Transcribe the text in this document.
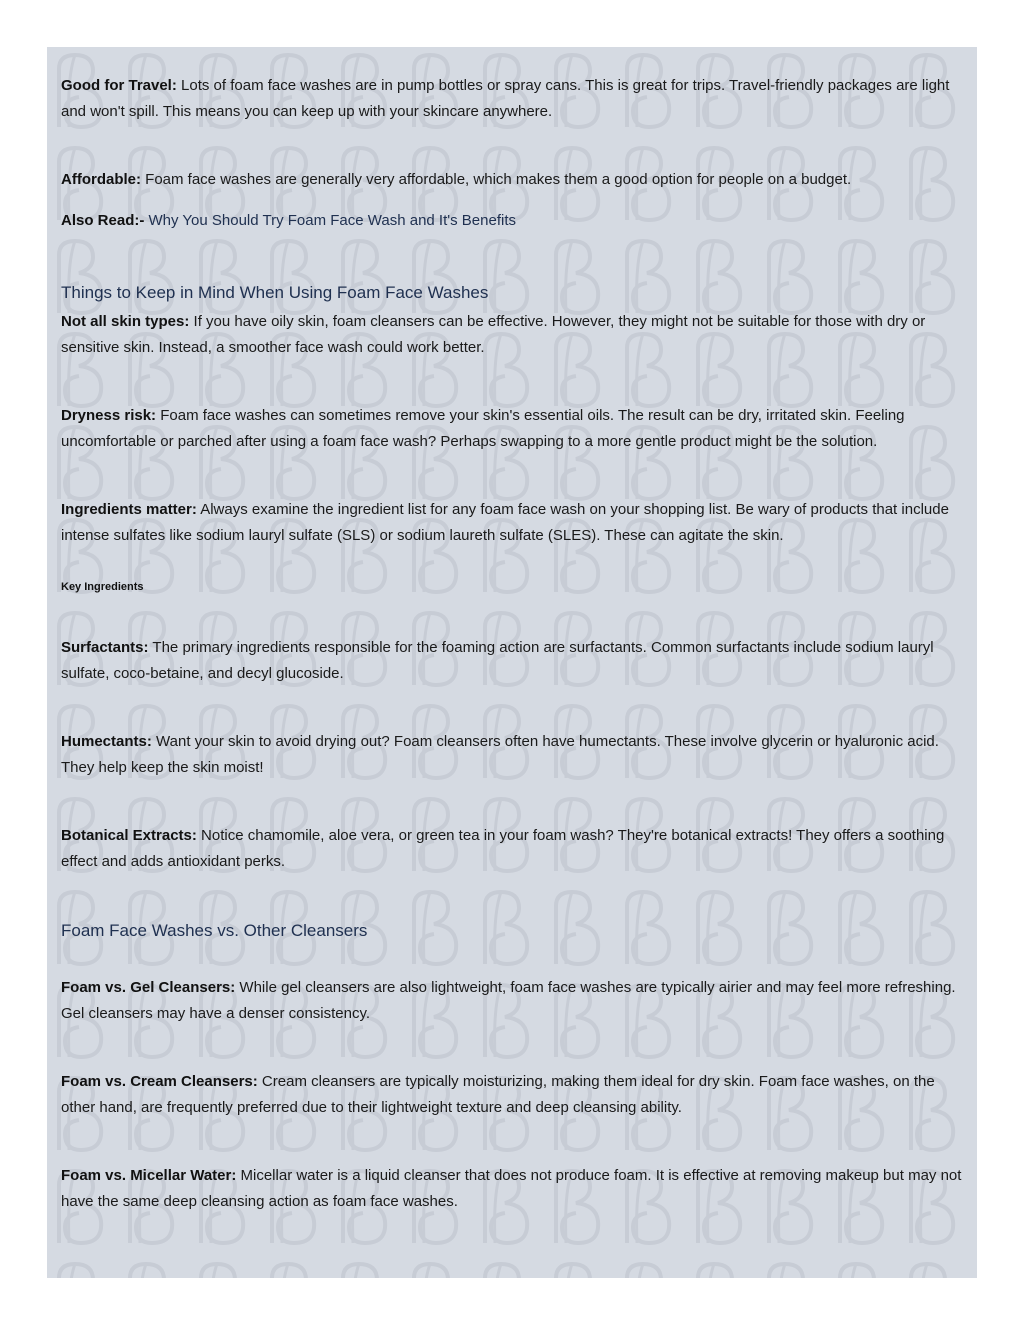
Good for Travel: Lots of foam face washes are in pump bottles or spray cans. This is great for trips. Travel-friendly packages are light and won't spill. This means you can keep up with your skincare anywhere.

Affordable: Foam face washes are generally very affordable, which makes them a good option for people on a budget.

Also Read:- Why You Should Try Foam Face Wash and It's Benefits

Things to Keep in Mind When Using Foam Face Washes

Not all skin types: If you have oily skin, foam cleansers can be effective. However, they might not be suitable for those with dry or sensitive skin. Instead, a smoother face wash could work better.

Dryness risk: Foam face washes can sometimes remove your skin's essential oils. The result can be dry, irritated skin. Feeling uncomfortable or parched after using a foam face wash? Perhaps swapping to a more gentle product might be the solution.

Ingredients matter: Always examine the ingredient list for any foam face wash on your shopping list. Be wary of products that include intense sulfates like sodium lauryl sulfate (SLS) or sodium laureth sulfate (SLES). These can agitate the skin.

Key Ingredients

Surfactants: The primary ingredients responsible for the foaming action are surfactants. Common surfactants include sodium lauryl sulfate, coco-betaine, and decyl glucoside.

Humectants: Want your skin to avoid drying out? Foam cleansers often have humectants. These involve glycerin or hyaluronic acid. They help keep the skin moist!

Botanical Extracts: Notice chamomile, aloe vera, or green tea in your foam wash? They're botanical extracts! They offers a soothing effect and adds antioxidant perks.

Foam Face Washes vs. Other Cleansers

Foam vs. Gel Cleansers: While gel cleansers are also lightweight, foam face washes are typically airier and may feel more refreshing. Gel cleansers may have a denser consistency.

Foam vs. Cream Cleansers: Cream cleansers are typically moisturizing, making them ideal for dry skin. Foam face washes, on the other hand, are frequently preferred due to their lightweight texture and deep cleansing ability.

Foam vs. Micellar Water: Micellar water is a liquid cleanser that does not produce foam. It is effective at removing makeup but may not have the same deep cleansing action as foam face washes.
